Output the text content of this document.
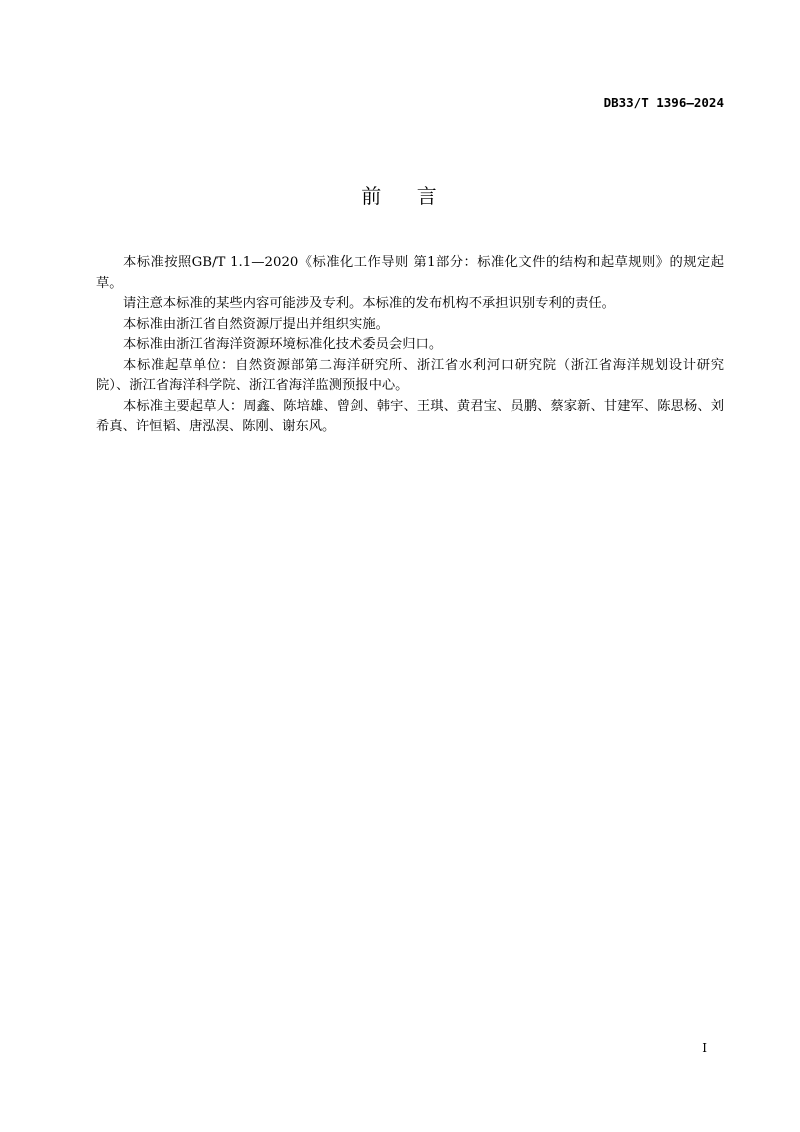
DB33/T 1396—2024
前    言

本标准按照GB/T 1.1—2020《标准化工作导则 第1部分：标准化文件的结构和起草规则》的规定起草。

请注意本标准的某些内容可能涉及专利。本标准的发布机构不承担识别专利的责任。

本标准由浙江省自然资源厅提出并组织实施。

本标准由浙江省海洋资源环境标准化技术委员会归口。

本标准起草单位：自然资源部第二海洋研究所、浙江省水利河口研究院（浙江省海洋规划设计研究院）、浙江省海洋科学院、浙江省海洋监测预报中心。

本标准主要起草人：周鑫、陈培雄、曾剑、韩宇、王琪、黄君宝、员鹏、蔡家新、甘建军、陈思杨、刘希真、许恒韬、唐泓淏、陈刚、谢东风。

I
